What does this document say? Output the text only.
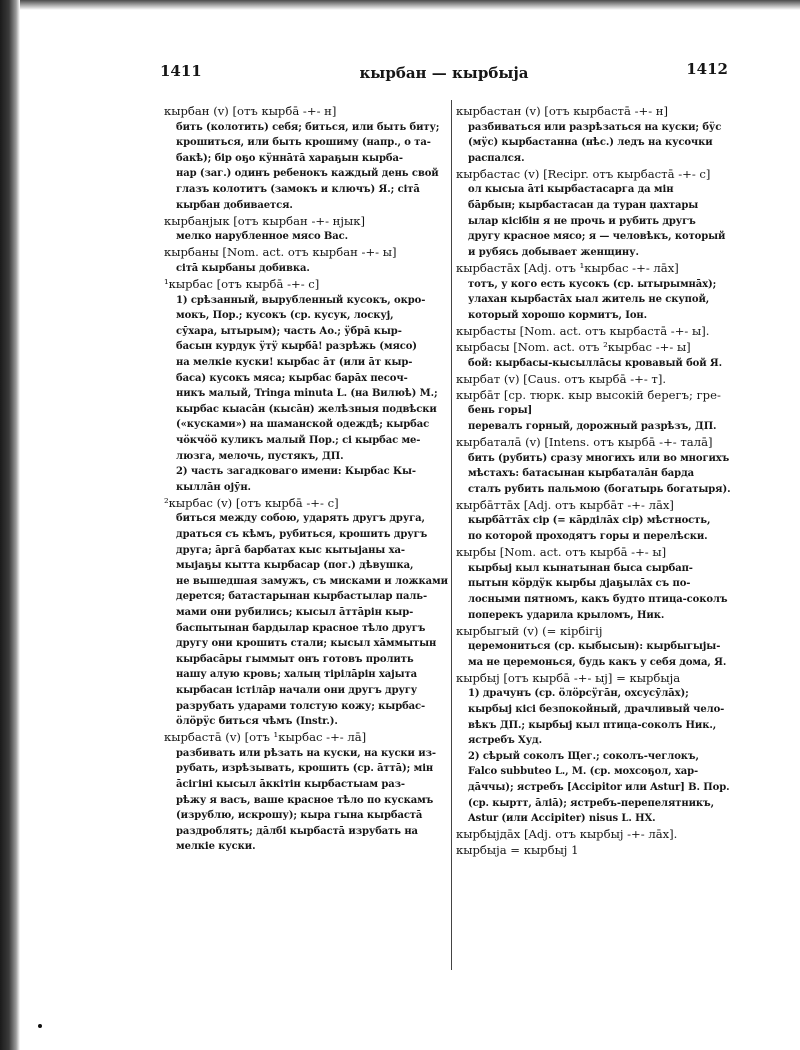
1411	кырбан — кырбыја	1412
кырбан (v) [отъ кырбā -+- н]
бить (колотить) себя; биться, или быть биту;
крошиться, или быть крошиму (напр., о та-
бакѣ); бір оҕо кӱннāтā хараҕын кырба-
нар (заг.) одинъ ребенокъ каждый день свой
глазъ колотитъ (замокъ и ключъ) Я.; сітā
кырбан добивается.
кырбанјык [отъ кырбан -+- нјык]
мелко нарубленное мясо Вас.
кырбаны [Nom. act. отъ кырбан -+- ы]
сітā кырбаны добивка.
¹кырбас [отъ кырбā -+- с]
1) срѣзанный, вырубленный кусокъ, окро-
мокъ, Пор.; кусокъ (ср. кусук, лоскуј,
сӯхара, ытырым); часть Ао.; ӱбрā кыр-
басын курдук ӱтӱ кырбā! разрѣжь (мясо)
на мелкіе куски! кырбас āт (или āт кыр-
баса) кусокъ мяса; кырбас барāх песоч-
никъ малый, Tringa minuta L. (на Вилюѣ) М.;
кырбас кыасāн (кысāн) желѣзныя подвѣски
(«кусками») на шаманской одеждѣ; кырбас
чӧкчӧӧ куликъ малый Пор.; сі кырбас ме-
люзга, мелочь, пустякъ, ДП.
2) часть загадковаго имени: Кырбас Кы-
кыллāн ојӯн.
²кырбас (v) [отъ кырбā -+- с]
биться между собою, ударять другъ друга,
драться съ кѣмъ, рубиться, крошить другъ
друга; āргā барбатах кыс кытыјаны ха-
мыјаҕы кытта кырбасар (пог.) дѣвушка,
не вышедшая замужъ, съ мисками и ложками
дерется; батастарынан кырбастылар паль-
мами они рубились; кысыл āттāрін кыр-
баспытынан бардылар красное тѣло другъ
другу они крошить стали; кысыл хāммытын
кырбасāры гыммыт онъ готовъ пролить
нашу алую кровь; халың тірілāрін хајыта
кырбасан істілāр начали они другъ другу
разрубать ударами толстую кожу; кырбас-
ӧлӧрӱс биться чѣмъ (Instr.).
кырбастā (v) [отъ ¹кырбас -+- лā]
разбивать или рѣзать на куски, на куски из-
рубать, изрѣзывать, крошить (ср. āттā); мін
āсігіні кысыл āккітін кырбастыам раз-
рѣжу я васъ, ваше красное тѣло по кускамъ
(изрублю, искрошу); кыра гына кырбастā
раздроблять; дāлбі кырбастā изрубать на
мелкіе куски.
кырбастан (v) [отъ кырбастā -+- н]
разбиваться или разрѣзаться на куски; бӱс
(мӱс) кырбастанна (нѣс.) ледъ на кусочки
распался.
кырбастас (v) [Recipr. отъ кырбастā -+- с]
ол кысыа āті кырбастасарга да мін
бāрбын; кырбастасан да туран џахтары
ылар кісібін я не прочь и рубить другъ
другу красное мясо; я — человѣкъ, который
и рубясь добывает женщину.
кырбастāх [Adj. отъ ¹кырбас -+- лāх]
тотъ, у кого есть кусокъ (ср. ытырымнāх);
улахан кырбастāх ыал житель не скупой,
который хорошо кормитъ, Іон.
кырбасты [Nom. act. отъ кырбастā -+- ы].
кырбасы [Nom. act. отъ ²кырбас -+- ы]
бой: кырбасы-кысыллāсы кровавый бой Я.
кырбат (v) [Caus. отъ кырбā -+- т].
кырбāт [ср. тюрк. кыр высокій берегъ; гре-
бень горы]
перевалъ горный, дорожный разрѣзъ, ДП.
кырбаталā (v) [Intens. отъ кырбā -+- талā]
бить (рубить) сразу многихъ или во многихъ
мѣстахъ: батасынан кырбаталāн барда
сталъ рубить пальмою (богатырь богатыря).
кырбāттāх [Adj. отъ кырбāт -+- лāх]
кырбāттāх сір (= кāрділāх сір) мѣстность,
по которой проходятъ горы и перелѣски.
кырбы [Nom. act. отъ кырбā -+- ы]
кырбыј кыл кынатынан быса сырбап-
пытын кӧрдӱк кырбы дјаҕылāх съ по-
лосными пятномъ, какъ будто птица-соколъ
поперекъ ударила крыломъ, Ник.
кырбыгый (v) (= кірбігіј
церемониться (ср. кыбысын): кырбыгыјы-
ма не церемонься, будь какъ у себя дома, Я.
кырбыј [отъ кырбā -+- ыј] = кырбыја
1) драчунъ (ср. ӧлӧрсӱгāн, охсусӯлāх);
кырбыј кісі безпокойный, драчливый чело-
вѣкъ ДП.; кырбыј кыл птица-соколъ Ник.,
ястребъ Худ.
2) сѣрый соколъ Щег.; соколъ-чеглокъ,
Falco subbuteo L., М. (ср. мохсоҕол, хар-
дāччы); ястребъ [Accipitor или Astur] В. Пор.
(ср. кыртт, āліā); ястребъ-перепелятникъ,
Astur (или Accipiter) nisus L. НХ.
кырбыјдāх [Adj. отъ кырбыј -+- лāх].
кырбыја = кырбыј 1
